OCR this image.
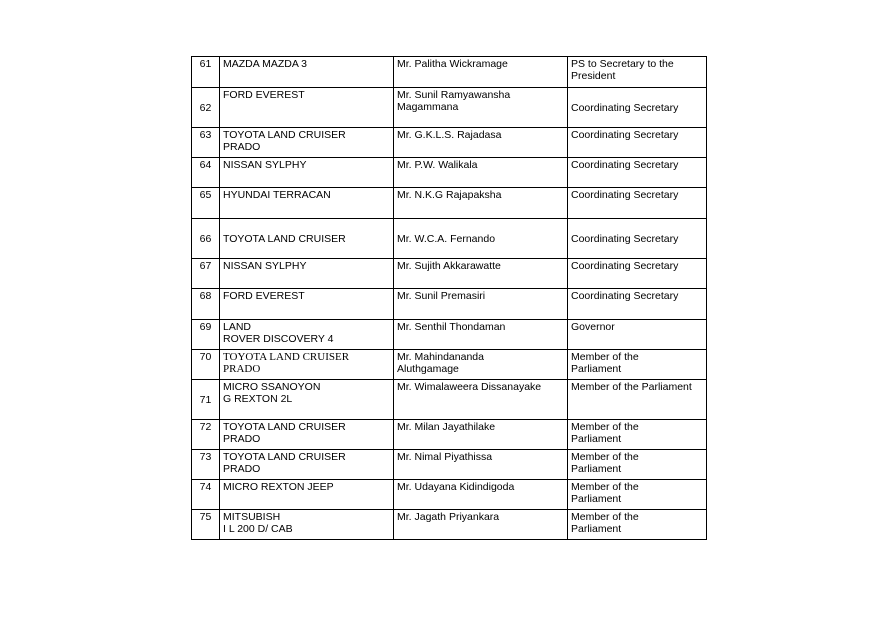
61	MAZDA MAZDA 3	Mr. Palitha Wickramage	PS to Secretary to the
President
62	FORD EVEREST	Mr. Sunil Ramyawansha
Magammana	Coordinating Secretary
63	TOYOTA LAND CRUISER
PRADO	Mr. G.K.L.S. Rajadasa	Coordinating Secretary
64	NISSAN SYLPHY	Mr. P.W. Walikala	Coordinating Secretary
65	HYUNDAI TERRACAN	Mr. N.K.G Rajapaksha	Coordinating Secretary
66	TOYOTA LAND CRUISER	Mr. W.C.A. Fernando	Coordinating Secretary
67	NISSAN SYLPHY	Mr. Sujith Akkarawatte	Coordinating Secretary
68	FORD EVEREST	Mr. Sunil Premasiri	Coordinating Secretary
69	LAND
ROVER DISCOVERY 4	Mr. Senthil Thondaman	Governor
70	TOYOTA LAND CRUISER
PRADO	Mr. Mahindananda
Aluthgamage	Member of the
Parliament
71	MICRO SSANOYON
G REXTON 2L	Mr. Wimalaweera Dissanayake	Member of the Parliament
72	TOYOTA LAND CRUISER
PRADO	Mr. Milan Jayathilake	Member of the
Parliament
73	TOYOTA LAND CRUISER
PRADO	Mr. Nimal Piyathissa	Member of the
Parliament
74	MICRO REXTON JEEP	Mr. Udayana Kidindigoda	Member of the
Parliament
75	MITSUBISH
I L 200 D/ CAB	Mr. Jagath Priyankara	Member of the
Parliament
